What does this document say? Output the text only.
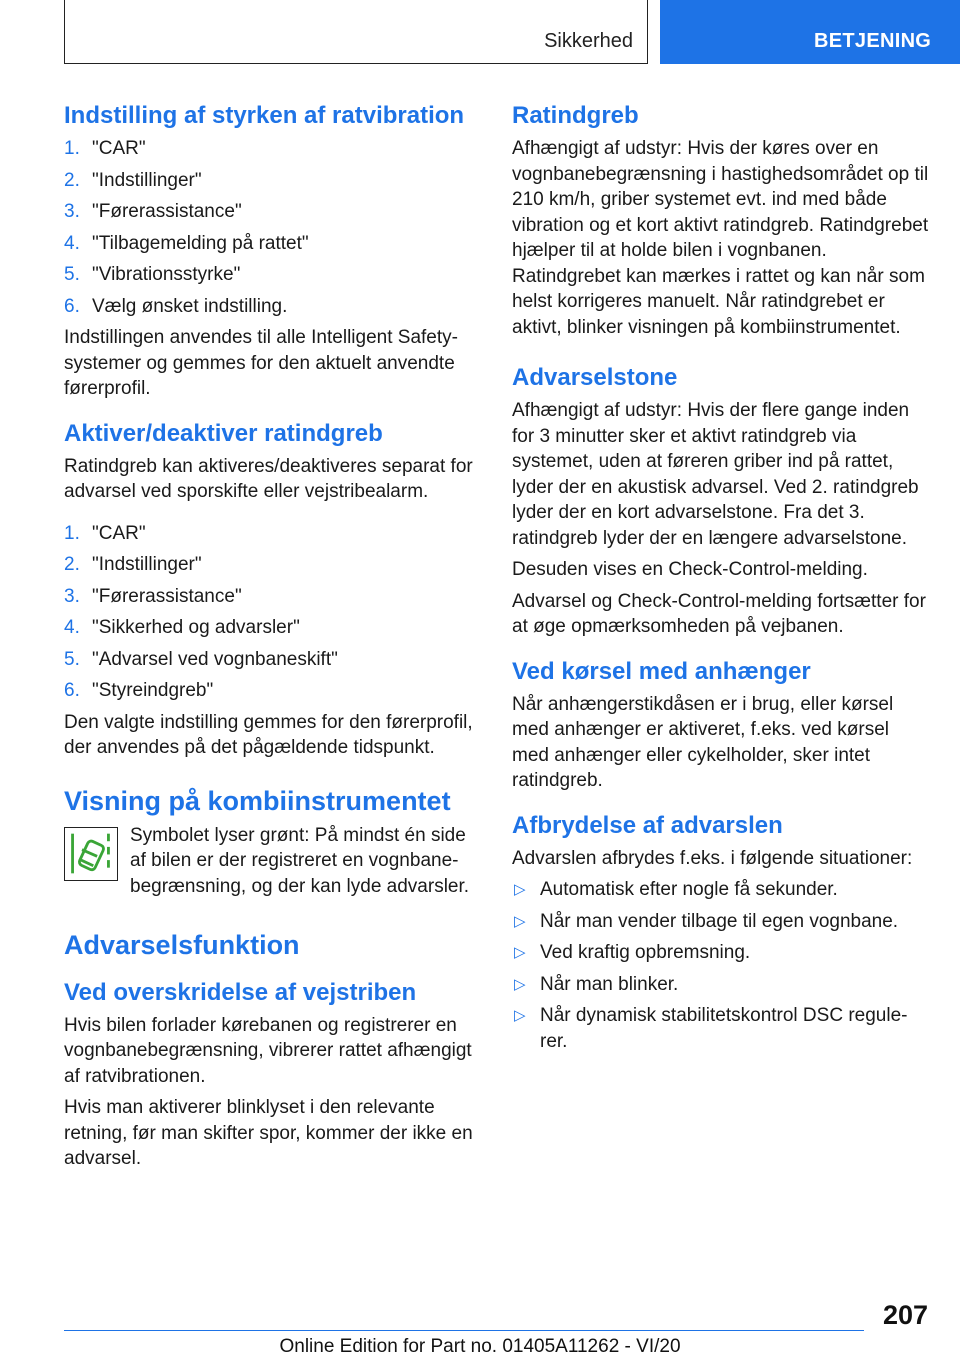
Sikkerhed	BETJENING
Indstilling af styrken af ratvibration
1. "CAR"
2. "Indstillinger"
3. "Førerassistance"
4. "Tilbagemelding på rattet"
5. "Vibrationsstyrke"
6. Vælg ønsket indstilling.

Indstillingen anvendes til alle Intelligent Safety-systemer og gemmes for den aktuelt anvendte førerprofil.

Aktiver/deaktiver ratindgreb

Ratindgreb kan aktiveres/deaktiveres separat for advarsel ved sporskifte eller vejstribealarm.

1. "CAR"
2. "Indstillinger"
3. "Førerassistance"
4. "Sikkerhed og advarsler"
5. "Advarsel ved vognbaneskift"
6. "Styreindgreb"

Den valgte indstilling gemmes for den førerprofil, der anvendes på det pågældende tidspunkt.

Visning på kombiinstrumentet

Symbolet lyser grønt: På mindst én side af bilen er der registreret en vognbane-begrænsning, og der kan lyde advarsler.

Advarselsfunktion
Ved overskridelse af vejstriben

Hvis bilen forlader kørebanen og registrerer en vognbanebegrænsning, vibrerer rattet afhængigt af ratvibrationen.

Hvis man aktiverer blinklyset i den relevante retning, før man skifter spor, kommer der ikke en advarsel.

Ratindgreb

Afhængigt af udstyr: Hvis der køres over en vognbanebegrænsning i hastighedsområdet op til 210 km/h, griber systemet evt. ind med både vibration og et kort aktivt ratindgreb. Ratindgrebet hjælper til at holde bilen i vognbanen. Ratindgrebet kan mærkes i rattet og kan når som helst korrigeres manuelt. Når ratindgrebet er aktivt, blinker visningen på kombiinstrumentet.

Advarselstone

Afhængigt af udstyr: Hvis der flere gange inden for 3 minutter sker et aktivt ratindgreb via systemet, uden at føreren griber ind på rattet, lyder der en akustisk advarsel. Ved 2. ratindgreb lyder der en kort advarselstone. Fra det 3. ratindgreb lyder der en længere advarselstone.

Desuden vises en Check-Control-melding.

Advarsel og Check-Control-melding fortsætter for at øge opmærksomheden på vejbanen.

Ved kørsel med anhænger

Når anhængerstikdåsen er i brug, eller kørsel med anhænger er aktiveret, f.eks. ved kørsel med anhænger eller cykelholder, sker intet ratindgreb.

Afbrydelse af advarslen

Advarslen afbrydes f.eks. i følgende situationer:

▷ Automatisk efter nogle få sekunder.
▷ Når man vender tilbage til egen vognbane.
▷ Ved kraftig opbremsning.
▷ Når man blinker.
▷ Når dynamisk stabilitetskontrol DSC regule-rer.
207
Online Edition for Part no. 01405A11262 - VI/20
